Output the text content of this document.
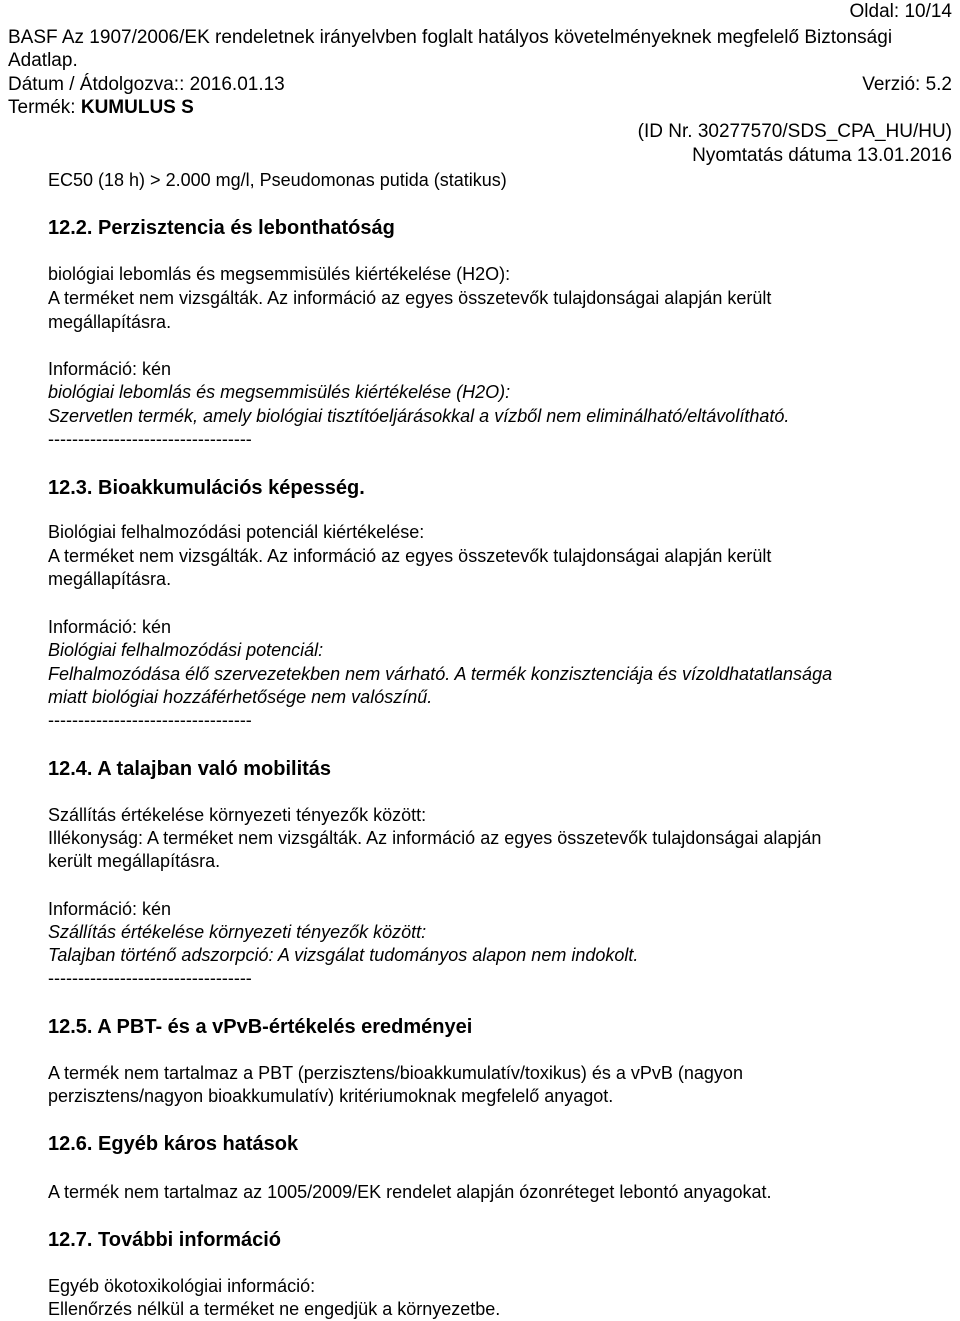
Oldal: 10/14
BASF Az 1907/2006/EK rendeletnek irányelvben foglalt hatályos követelményeknek megfelelő Biztonsági
Adatlap.
Dátum / Átdolgozva:: 2016.01.13	Verzió: 5.2
Termék: KUMULUS S
(ID Nr. 30277570/SDS_CPA_HU/HU)
Nyomtatás dátuma 13.01.2016
EC50 (18 h) > 2.000 mg/l, Pseudomonas putida (statikus)
12.2. Perzisztencia és lebonthatóság
biológiai lebomlás és megsemmisülés kiértékelése (H2O):
A terméket nem vizsgálták. Az információ az egyes összetevők tulajdonságai alapján került
megállapításra.
Információ: kén
biológiai lebomlás és megsemmisülés kiértékelése (H2O):
Szervetlen termék, amely biológiai tisztítóeljárásokkal a vízből nem eliminálható/eltávolítható.
----------------------------------
12.3. Bioakkumulációs képesség.
Biológiai felhalmozódási potenciál kiértékelése:
A terméket nem vizsgálták. Az információ az egyes összetevők tulajdonságai alapján került
megállapításra.
Információ: kén
Biológiai felhalmozódási potenciál:
Felhalmozódása élő szervezetekben nem várható. A termék konzisztenciája és vízoldhatatlansága
miatt biológiai hozzáférhetősége nem valószínű.
----------------------------------
12.4. A talajban való mobilitás
Szállítás értékelése környezeti tényezők között:
Illékonyság: A terméket nem vizsgálták. Az információ az egyes összetevők tulajdonságai alapján
került megállapításra.
Információ: kén
Szállítás értékelése környezeti tényezők között:
Talajban történő adszorpció: A vizsgálat tudományos alapon nem indokolt.
----------------------------------
12.5. A PBT- és a vPvB-értékelés eredményei
A termék nem tartalmaz a PBT (perzisztens/bioakkumulatív/toxikus) és a vPvB (nagyon
perzisztens/nagyon bioakkumulatív) kritériumoknak megfelelő anyagot.
12.6. Egyéb káros hatások
A termék nem tartalmaz az 1005/2009/EK rendelet alapján ózonréteget lebontó anyagokat.
12.7. További információ
Egyéb ökotoxikológiai információ:
Ellenőrzés nélkül a terméket ne engedjük a környezetbe.
